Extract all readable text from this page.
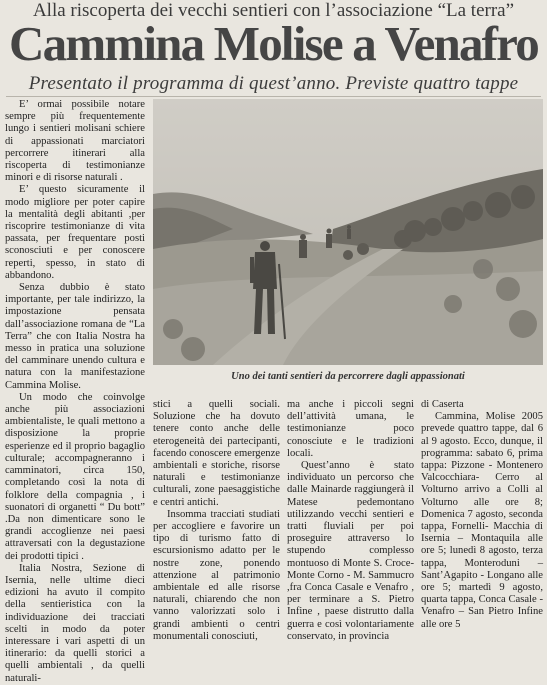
Alla riscoperta dei vecchi sentieri con l’associazione “La terra”
Cammina Molise a Venafro
Presentato il programma di quest’anno. Previste quattro tappe

E’ ormai possibile notare sempre più frequentemente lungo i sentieri molisani schiere di appassionati marciatori percorrere itinerari alla riscoperta di testimonianze minori e di risorse naturali .

E’ questo sicuramente il modo migliore per poter capire la mentalità degli abitanti ,per riscoprire testimonianze di vita passata, per frequentare posti sconosciuti e per conoscere reperti, spesso, in stato di abbandono.

Senza dubbio è stato importante, per tale indirizzo, la impostazione pensata dall’associazione romana de “La Terra” che con Italia Nostra ha messo in pratica una soluzione del camminare unendo cultura e natura con la manifestazione Cammina Molise.

Un modo che coinvolge anche più associazioni ambientaliste, le quali mettono a disposizione la proprie esperienze ed il proprio bagaglio culturale; accompagneranno i camminatori, circa 150, completando così la nota di folklore della compagnia , i suonatori di organetti “ Du bott” .Da non dimenticare sono le grandi accoglienze nei paesi attraversati con la degustazione dei prodotti tipici .

Italia Nostra, Sezione di Isernia, nelle ultime dieci edizioni ha avuto il compito della sentieristica con la individuazione dei tracciati scelti in modo da poter interessare i vari aspetti di un itinerario: da quelli storici a quelli ambientali , da quelli naturali-

Uno dei tanti sentieri da percorrere dagli appassionati

stici a quelli sociali. Soluzione che ha dovuto tenere conto anche delle eterogeneità dei partecipanti, facendo conoscere emergenze ambientali e storiche, risorse naturali e testimonianze culturali, zone paesaggistiche e centri antichi.

Insomma tracciati studiati per accogliere e favorire un tipo di turismo fatto di escursionismo adatto per le nostre zone, ponendo attenzione al patrimonio ambientale ed alle risorse naturali, chiarendo che non vanno valorizzati solo i grandi ambienti o centri monumentali conosciuti,

ma anche i piccoli segni dell’attività umana, le testimonianze poco conosciute e le tradizioni locali.

Quest’anno è stato individuato un percorso che dalle Mainarde raggiungerà il Matese pedemontano utilizzando vecchi sentieri e tratti fluviali per poi proseguire attraverso lo stupendo complesso montuoso di Monte S. Croce- Monte Corno - M. Sammucro ,fra Conca Casale e Venafro , per terminare a S. Pietro Infine , paese distrutto dalla guerra e così volontariamente conservato, in provincia

di Caserta

Cammina, Molise 2005 prevede quattro tappe, dal 6 al 9 agosto. Ecco, dunque, il programma: sabato 6, prima tappa: Pizzone - Montenero Valcocchiara- Cerro al Volturno arrivo a Colli al Volturno alle ore 8; Domenica 7 agosto, seconda tappa, Fornelli- Macchia di Isernia – Montaquila alle ore 5; lunedì 8 agosto, terza tappa, Monteroduni – Sant’Agapito - Longano alle ore 5; martedì 9 agosto, quarta tappa, Conca Casale - Venafro – San Pietro Infine alle ore 5
